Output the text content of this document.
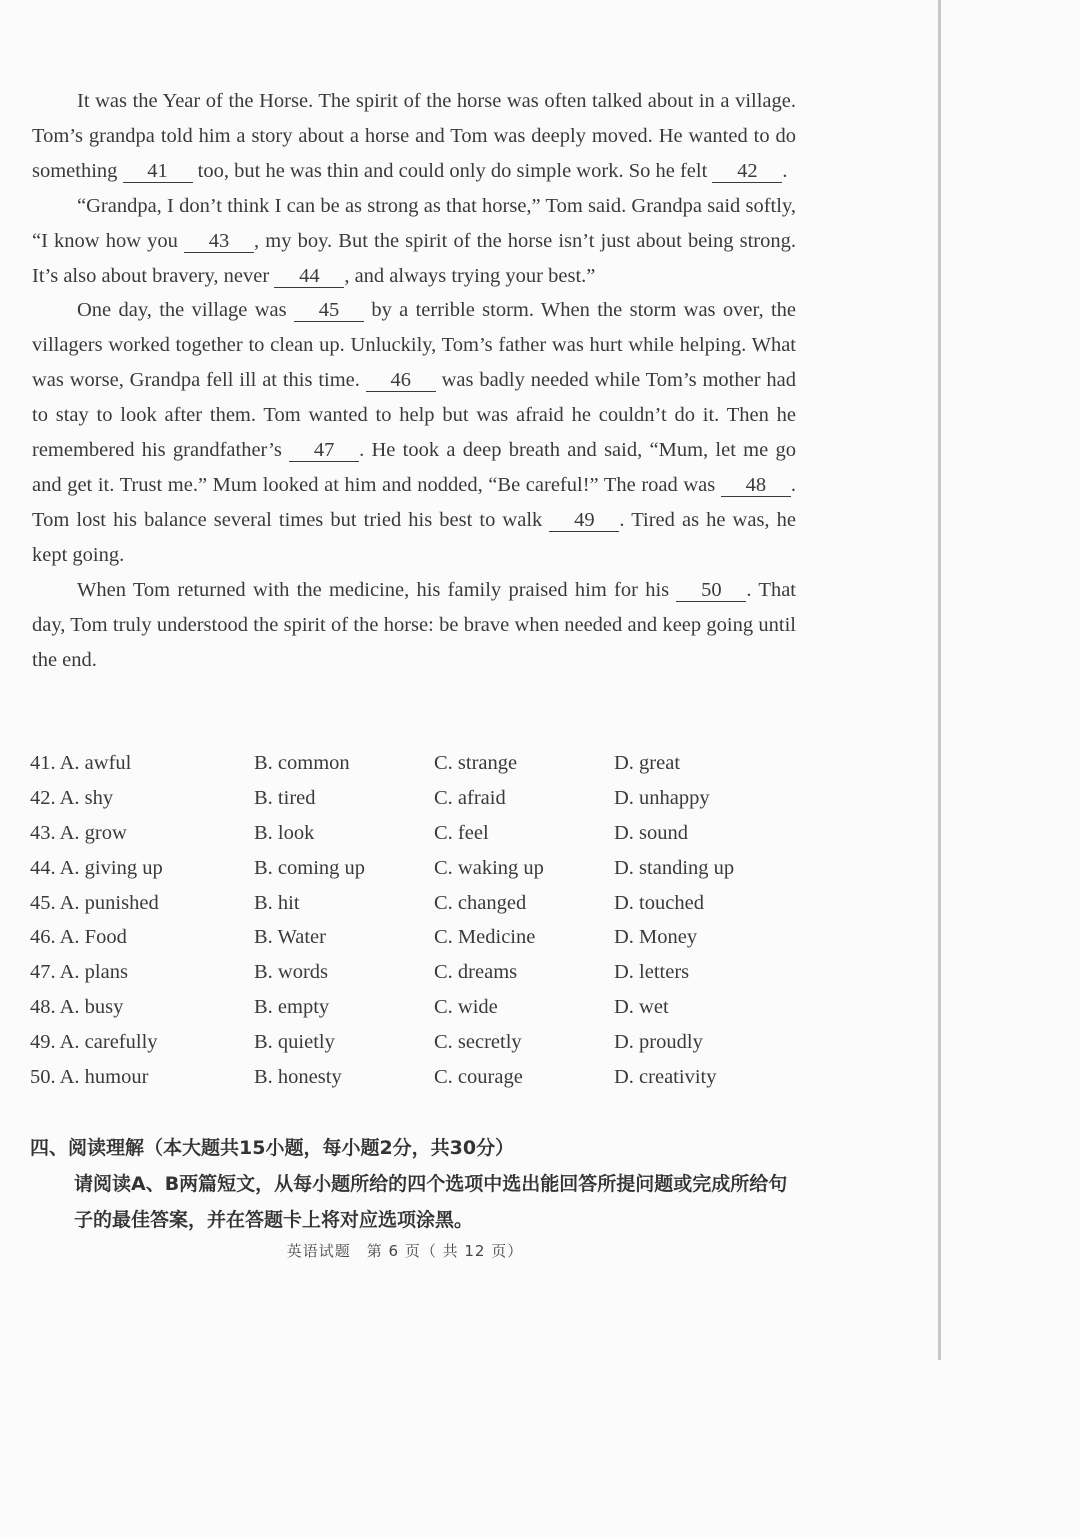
It was the Year of the Horse. The spirit of the horse was often talked about in a village. Tom’s grandpa told him a story about a horse and Tom was deeply moved. He wanted to do something 41 too, but he was thin and could only do simple work. So he felt 42 .

“Grandpa, I don’t think I can be as strong as that horse,” Tom said. Grandpa said softly, “I know how you 43 , my boy. But the spirit of the horse isn’t just about being strong. It’s also about bravery, never 44 , and always trying your best.”

One day, the village was 45 by a terrible storm. When the storm was over, the villagers worked together to clean up. Unluckily, Tom’s father was hurt while helping. What was worse, Grandpa fell ill at this time. 46 was badly needed while Tom’s mother had to stay to look after them. Tom wanted to help but was afraid he couldn’t do it. Then he remembered his grandfather’s 47 . He took a deep breath and said, “Mum, let me go and get it. Trust me.” Mum looked at him and nodded, “Be careful!” The road was 48 . Tom lost his balance several times but tried his best to walk 49 . Tired as he was, he kept going.

When Tom returned with the medicine, his family praised him for his 50 . That day, Tom truly understood the spirit of the horse: be brave when needed and keep going until the end.

41. A. awful	B. common	C. strange	D. great
42. A. shy	B. tired	C. afraid	D. unhappy
43. A. grow	B. look	C. feel	D. sound
44. A. giving up	B. coming up	C. waking up	D. standing up
45. A. punished	B. hit	C. changed	D. touched
46. A. Food	B. Water	C. Medicine	D. Money
47. A. plans	B. words	C. dreams	D. letters
48. A. busy	B. empty	C. wide	D. wet
49. A. carefully	B. quietly	C. secretly	D. proudly
50. A. humour	B. honesty	C. courage	D. creativity
四、阅读理解（本大题共15小题，每小题2分，共30分）
请阅读A、B两篇短文，从每小题所给的四个选项中选出能回答所提问题或完成所给句子的最佳答案，并在答题卡上将对应选项涂黑。
英语试题　第 6 页（ 共 12 页）
